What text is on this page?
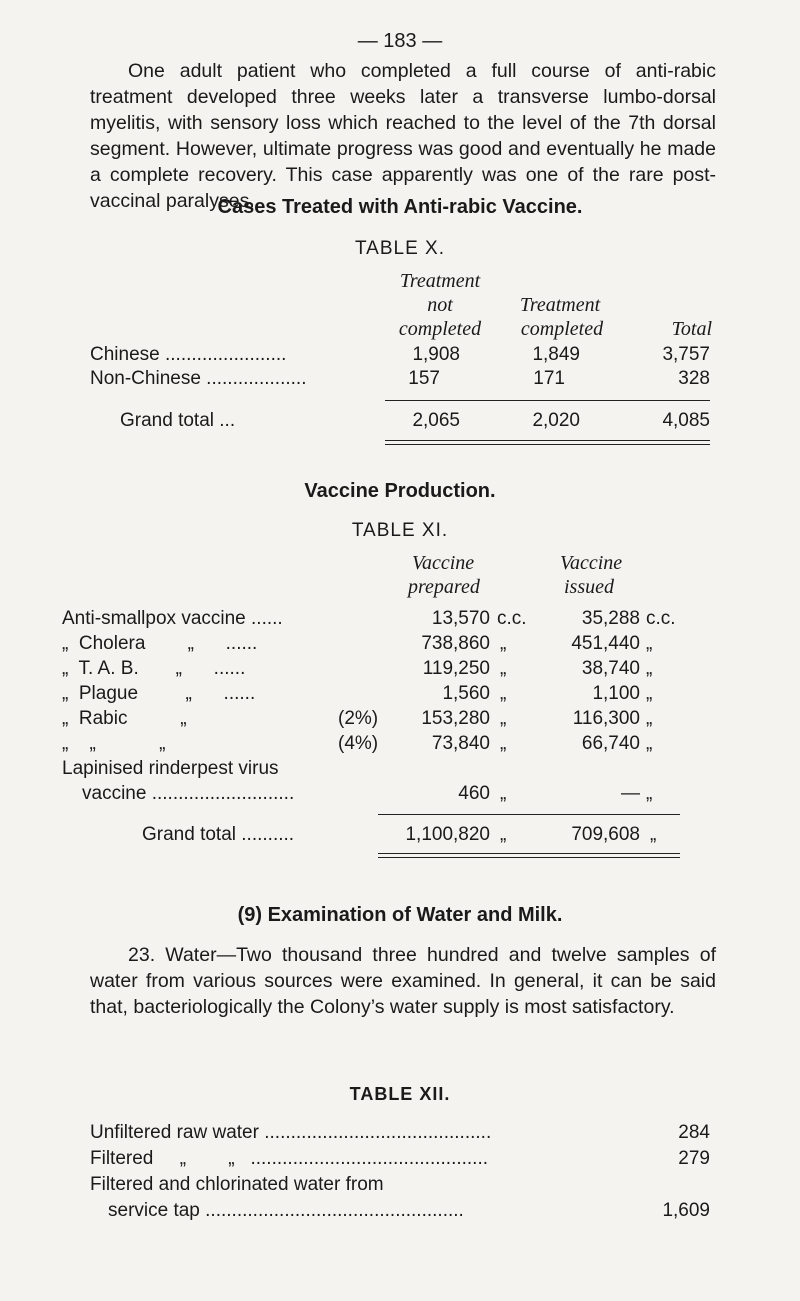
— 183 —

One adult patient who completed a full course of anti-rabic treatment developed three weeks later a transverse lumbo-dorsal myelitis, with sensory loss which reached to the level of the 7th dorsal segment. However, ultimate progress was good and eventually he made a complete recovery. This case apparently was one of the rare post-vaccinal paralyses.

Cases Treated with Anti-rabic Vaccine.
TABLE X.
Treatment
not
completed
Treatment
completed	Total
Chinese .......................	1,908	1,849	3,757
Non-Chinese ...................	157	171	328
Grand total ...	2,065	2,020	4,085
Vaccine Production.
TABLE XI.
Vaccine
prepared
Vaccine
issued
Anti-smallpox vaccine ......	13,570 c.c.	35,288 c.c.
„  Cholera        „      ......	738,860 „	451,440 „
„  T. A. B.       „      ......	119,250 „	38,740 „
„  Plague         „      ......	1,560 „	1,100 „
„  Rabic          „	(2%)	153,280 „	116,300 „
„    „            „	(4%)	73,840 „	66,740 „
Lapinised rinderpest virus
vaccine ...........................	460 „	— „
Grand total ..........	1,100,820 „	709,608 „
(9) Examination of Water and Milk.

23. Water—Two thousand three hundred and twelve samples of water from various sources were examined. In general, it can be said that, bacteriologically the Colony’s water supply is most satisfactory.

TABLE XII.
Unfiltered raw water ...........................................	284
Filtered     „        „   .............................................	279
Filtered and chlorinated water from
service tap .................................................	1,609
